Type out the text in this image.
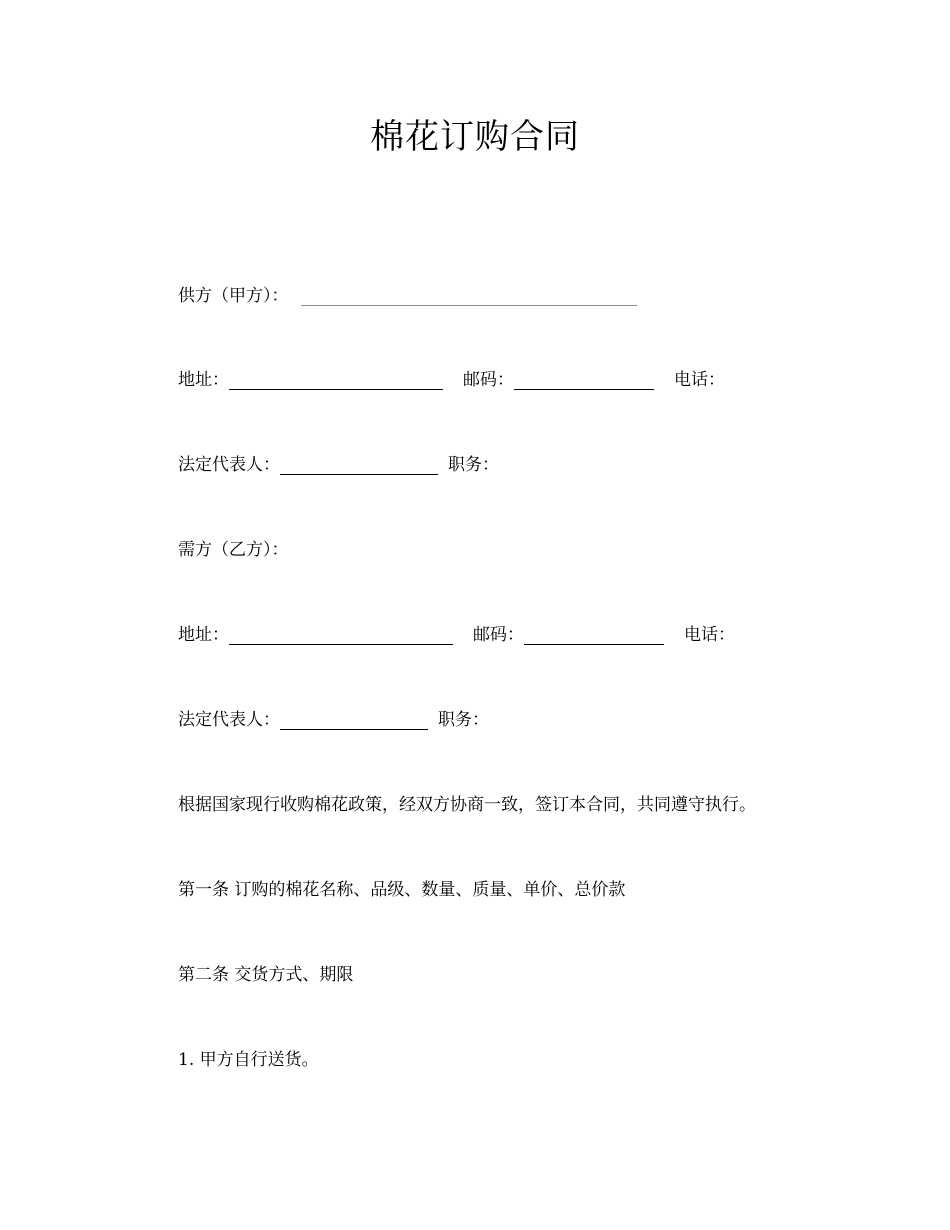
棉花订购合同
供方（甲方）：
地址：	邮码：	电话：
法定代表人：	职务：
需方（乙方）：
地址：	邮码：	电话：
法定代表人：	职务：
根据国家现行收购棉花政策，经双方协商一致，签订本合同，共同遵守执行。
第一条 订购的棉花名称、品级、数量、质量、单价、总价款
第二条 交货方式、期限
1. 甲方自行送货。
